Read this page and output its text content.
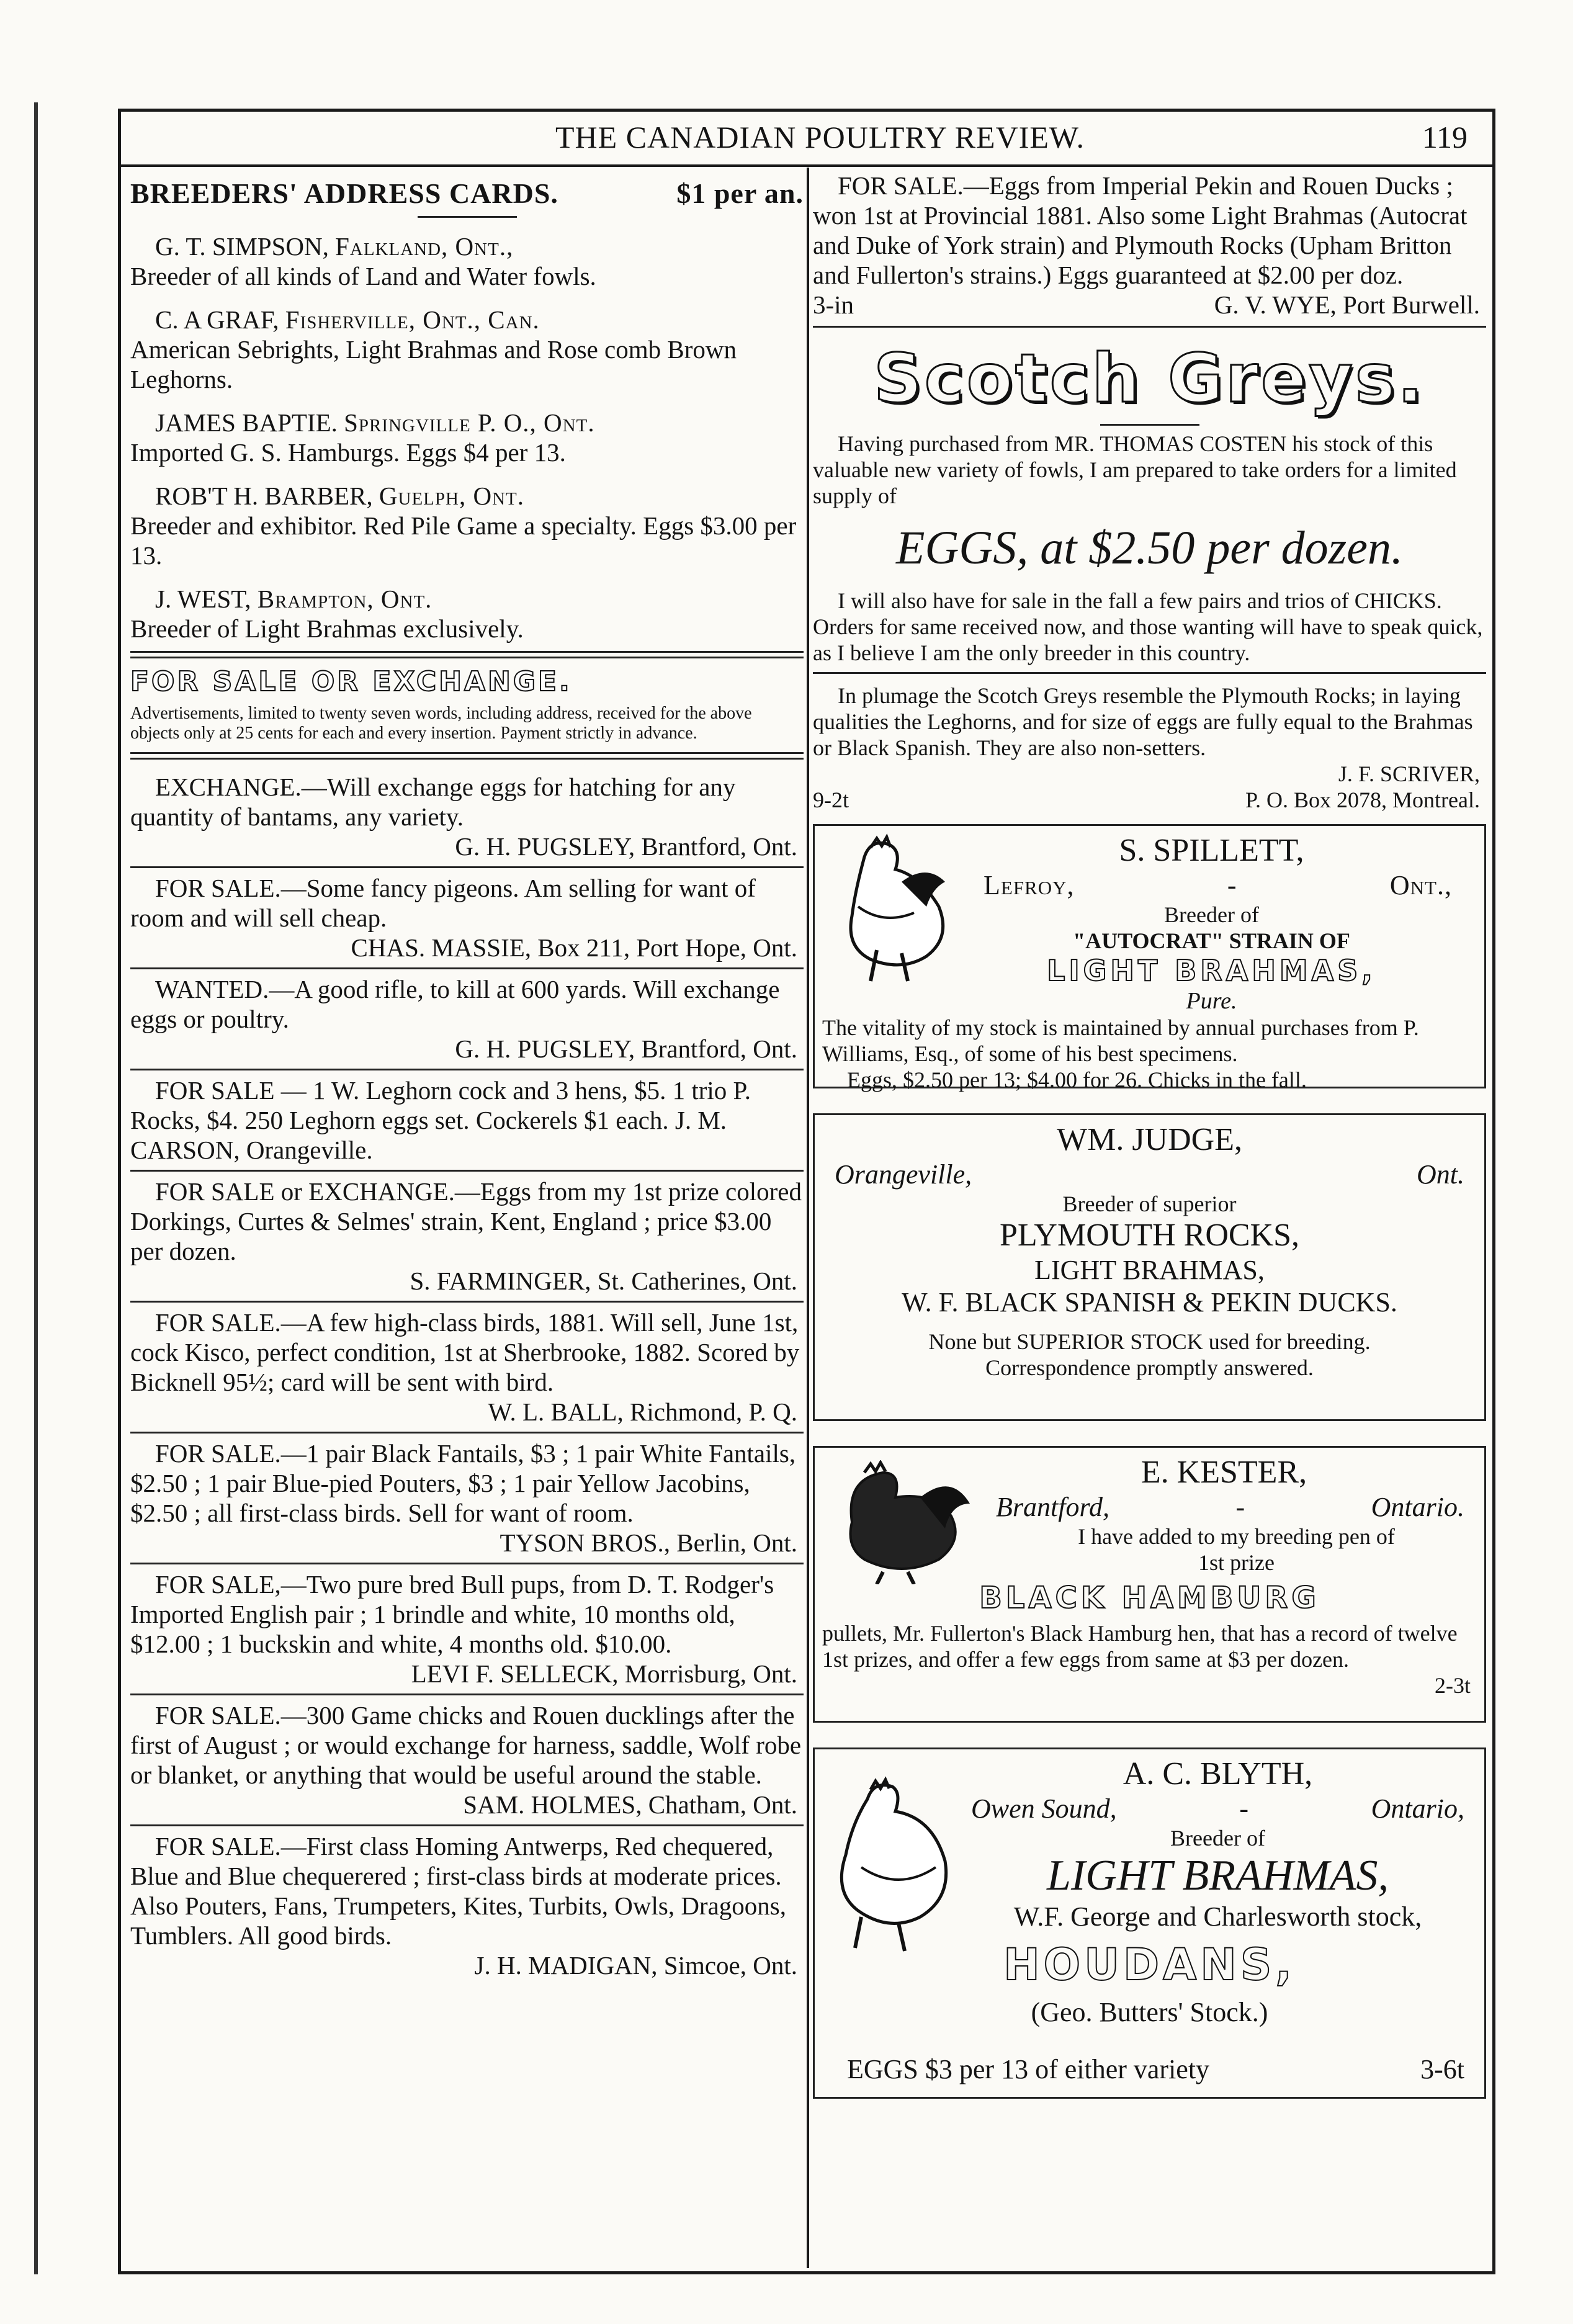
THE CANADIAN POULTRY REVIEW.	119
BREEDERS' ADDRESS CARDS.	$1 per an.

G. T. SIMPSON, Falkland, Ont.,

Breeder of all kinds of Land and Water fowls.

C. A GRAF, Fisherville, Ont., Can.

American Sebrights, Light Brahmas and Rose comb Brown Leghorns.

JAMES BAPTIE. Springville P. O., Ont.

Imported G. S. Hamburgs. Eggs $4 per 13.

ROB'T H. BARBER, Guelph, Ont.

Breeder and exhibitor. Red Pile Game a specialty. Eggs $3.00 per 13.

J. WEST, Brampton, Ont.

Breeder of Light Brahmas exclusively.

FOR SALE OR EXCHANGE.

Advertisements, limited to twenty seven words, including address, received for the above objects only at 25 cents for each and every insertion. Payment strictly in advance.

EXCHANGE.—Will exchange eggs for hatching for any quantity of bantams, any variety.

G. H. PUGSLEY, Brantford, Ont.

FOR SALE.—Some fancy pigeons. Am selling for want of room and will sell cheap.

CHAS. MASSIE, Box 211, Port Hope, Ont.

WANTED.—A good rifle, to kill at 600 yards. Will exchange eggs or poultry.

G. H. PUGSLEY, Brantford, Ont.

FOR SALE — 1 W. Leghorn cock and 3 hens, $5. 1 trio P. Rocks, $4. 250 Leghorn eggs set. Cockerels $1 each. J. M. CARSON, Orangeville.

FOR SALE or EXCHANGE.—Eggs from my 1st prize colored Dorkings, Curtes & Selmes' strain, Kent, England ; price $3.00 per dozen.

S. FARMINGER, St. Catherines, Ont.

FOR SALE.—A few high-class birds, 1881. Will sell, June 1st, cock Kisco, perfect condition, 1st at Sherbrooke, 1882. Scored by Bicknell 95½; card will be sent with bird.

W. L. BALL, Richmond, P. Q.

FOR SALE.—1 pair Black Fantails, $3 ; 1 pair White Fantails, $2.50 ; 1 pair Blue-pied Pouters, $3 ; 1 pair Yellow Jacobins, $2.50 ; all first-class birds. Sell for want of room.

TYSON BROS., Berlin, Ont.

FOR SALE,—Two pure bred Bull pups, from D. T. Rodger's Imported English pair ; 1 brindle and white, 10 months old, $12.00 ; 1 buckskin and white, 4 months old. $10.00.

LEVI F. SELLECK, Morrisburg, Ont.

FOR SALE.—300 Game chicks and Rouen ducklings after the first of August ; or would exchange for harness, saddle, Wolf robe or blanket, or anything that would be useful around the stable.

SAM. HOLMES, Chatham, Ont.

FOR SALE.—First class Homing Antwerps, Red chequered, Blue and Blue chequerered ; first-class birds at moderate prices. Also Pouters, Fans, Trumpeters, Kites, Turbits, Owls, Dragoons, Tumblers. All good birds.

J. H. MADIGAN, Simcoe, Ont.

FOR SALE.—Eggs from Imperial Pekin and Rouen Ducks ; won 1st at Provincial 1881. Also some Light Brahmas (Autocrat and Duke of York strain) and Plymouth Rocks (Upham Britton and Fullerton's strains.) Eggs guaranteed at $2.00 per doz.

3-in	G. V. WYE, Port Burwell.
Scotch Greys.

Having purchased from MR. THOMAS COSTEN his stock of this valuable new variety of fowls, I am prepared to take orders for a limited supply of

EGGS, at $2.50 per dozen.

I will also have for sale in the fall a few pairs and trios of CHICKS. Orders for same received now, and those wanting will have to speak quick, as I believe I am the only breeder in this country.

In plumage the Scotch Greys resemble the Plymouth Rocks; in laying qualities the Leghorns, and for size of eggs are fully equal to the Brahmas or Black Spanish. They are also non-setters.

J. F. SCRIVER,
9-2t	P. O. Box 2078, Montreal.
S. SPILLETT,
Lefroy,	-	Ont.,
Breeder of
"AUTOCRAT" STRAIN OF
LIGHT BRAHMAS,
Pure.

The vitality of my stock is maintained by annual purchases from P. Williams, Esq., of some of his best specimens.

Eggs, $2.50 per 13; $4.00 for 26. Chicks in the fall.

WM. JUDGE,
Orangeville,	Ont.
Breeder of superior
PLYMOUTH ROCKS,
LIGHT BRAHMAS,
W. F. BLACK SPANISH & PEKIN DUCKS.
None but SUPERIOR STOCK used for breeding.
Correspondence promptly answered.
E. KESTER,
Brantford,	-	Ontario.
I have added to my breeding pen of
1st prize
BLACK HAMBURG

pullets, Mr. Fullerton's Black Hamburg hen, that has a record of twelve 1st prizes, and offer a few eggs from same at $3 per dozen.

2-3t
A. C. BLYTH,
Owen Sound,	-	Ontario,
Breeder of
LIGHT BRAHMAS,
W.F. George and Charlesworth stock,
HOUDANS,
(Geo. Butters' Stock.)
EGGS $3 per 13 of either variety	3-6t
